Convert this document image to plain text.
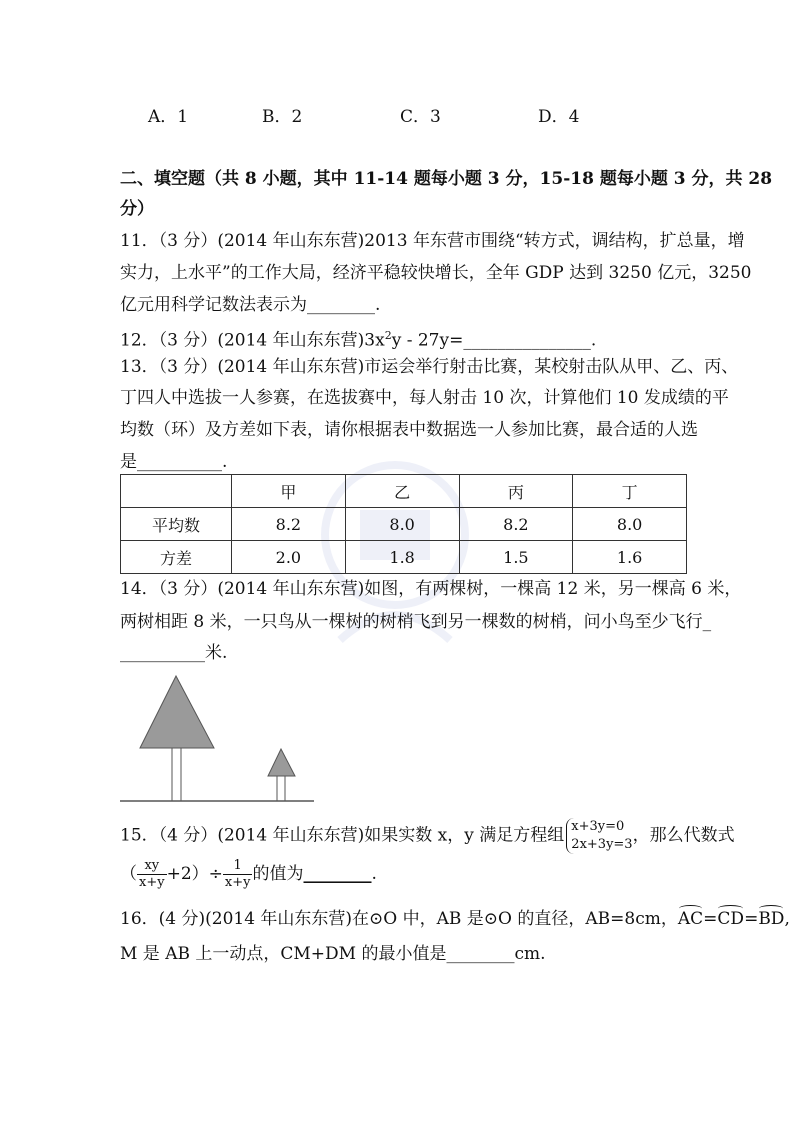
A．1	B．2	C．3	D．4
二、填空题（共 8 小题，其中 11-14 题每小题 3 分，15-18 题每小题 3 分，共 28
分）
11．（3 分）(2014 年山东东营)2013 年东营市围绕“转方式，调结构，扩总量，增
实力，上水平”的工作大局，经济平稳较快增长，全年 GDP 达到 3250 亿元，3250
亿元用科学记数法表示为________.
12．（3 分）(2014 年山东东营)$3x^2y$ - 27y=_______________.
13．（3 分）(2014 年山东东营)市运会举行射击比赛，某校射击队从甲、乙、丙、
丁四人中选拔一人参赛，在选拔赛中，每人射击 10 次，计算他们 10 发成绩的平
均数（环）及方差如下表，请你根据表中数据选一人参加比赛，最合适的人选
是__________.
	甲	乙	丙	丁
平均数	8.2	8.0	8.2	8.0
方差	2.0	1.8	1.5	1.6
14．（3 分）(2014 年山东东营)如图，有两棵树，一棵高 12 米，另一棵高 6 米，
两树相距 8 米，一只鸟从一棵树的树梢飞到另一棵数的树梢，问小鸟至少飞行_
__________米.
15．（4 分）(2014 年山东东营)如果实数 x，y 满足方程组 x+3y=0
2x+3y=3 ，那么代数式
（ $\frac{xy}{x+y} +2)\div \frac{1}{x+y}$ 的值为________.
16．(4 分)(2014 年山东东营)在⊙O 中，AB 是⊙O 的直径，AB=8cm，AC=CD=BD,
M 是 AB 上一动点，CM+DM 的最小值是________cm.
